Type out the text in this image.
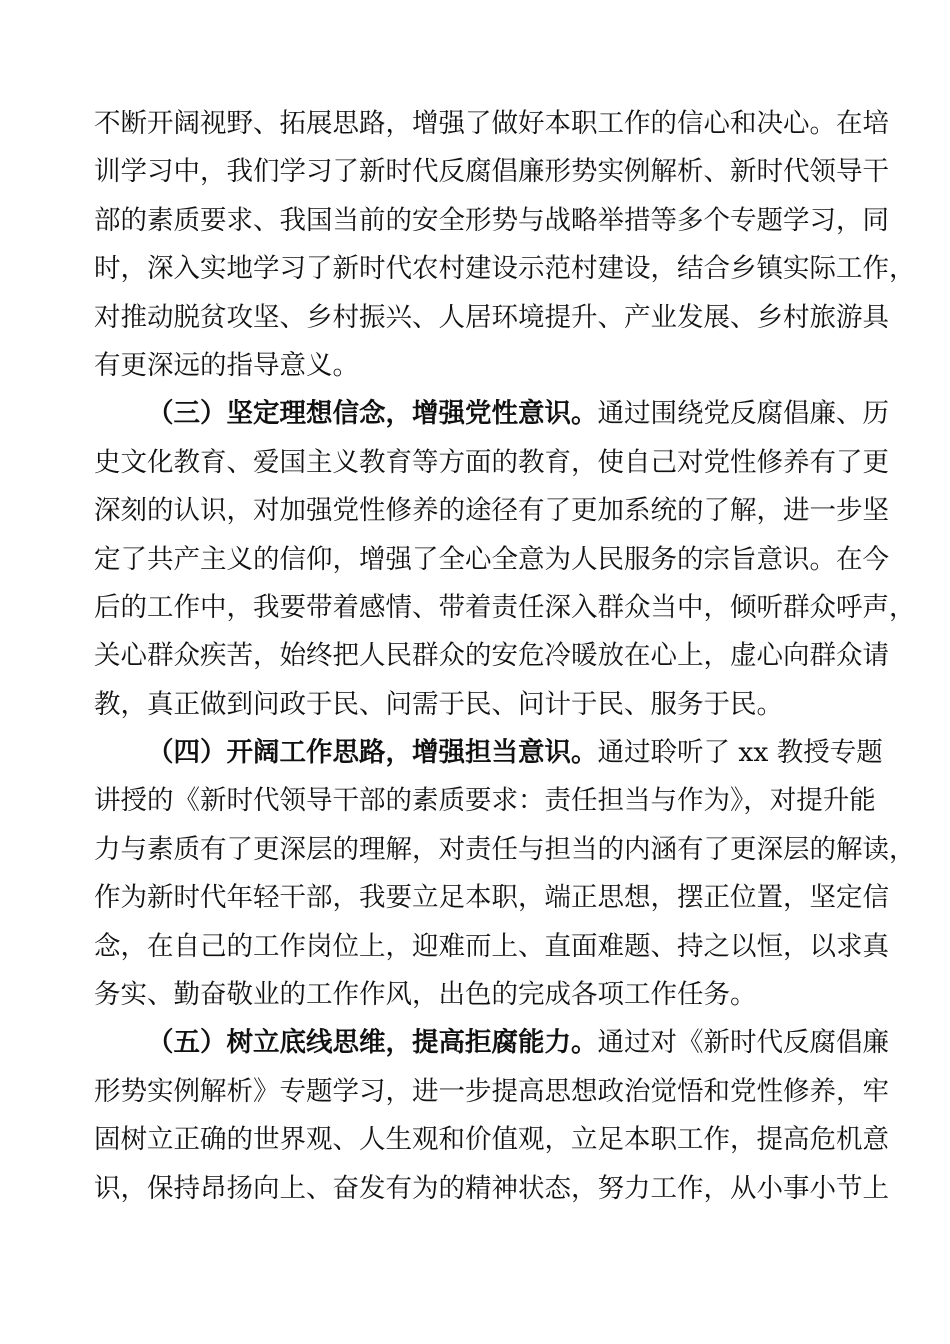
不断开阔视野、拓展思路，增强了做好本职工作的信心和决心。在培
训学习中，我们学习了新时代反腐倡廉形势实例解析、新时代领导干
部的素质要求、我国当前的安全形势与战略举措等多个专题学习，同
时，深入实地学习了新时代农村建设示范村建设，结合乡镇实际工作，
对推动脱贫攻坚、乡村振兴、人居环境提升、产业发展、乡村旅游具
有更深远的指导意义。
（三）坚定理想信念，增强党性意识。通过围绕党反腐倡廉、历
史文化教育、爱国主义教育等方面的教育，使自己对党性修养有了更
深刻的认识，对加强党性修养的途径有了更加系统的了解，进一步坚
定了共产主义的信仰，增强了全心全意为人民服务的宗旨意识。在今
后的工作中，我要带着感情、带着责任深入群众当中，倾听群众呼声，
关心群众疾苦，始终把人民群众的安危冷暖放在心上，虚心向群众请
教，真正做到问政于民、问需于民、问计于民、服务于民。
（四）开阔工作思路，增强担当意识。通过聆听了 xx 教授专题
讲授的《新时代领导干部的素质要求：责任担当与作为》，对提升能
力与素质有了更深层的理解，对责任与担当的内涵有了更深层的解读，
作为新时代年轻干部，我要立足本职，端正思想，摆正位置，坚定信
念，在自己的工作岗位上，迎难而上、直面难题、持之以恒，以求真
务实、勤奋敬业的工作作风，出色的完成各项工作任务。
（五）树立底线思维，提高拒腐能力。通过对《新时代反腐倡廉
形势实例解析》专题学习，进一步提高思想政治觉悟和党性修养，牢
固树立正确的世界观、人生观和价值观，立足本职工作，提高危机意
识，保持昂扬向上、奋发有为的精神状态，努力工作，从小事小节上
